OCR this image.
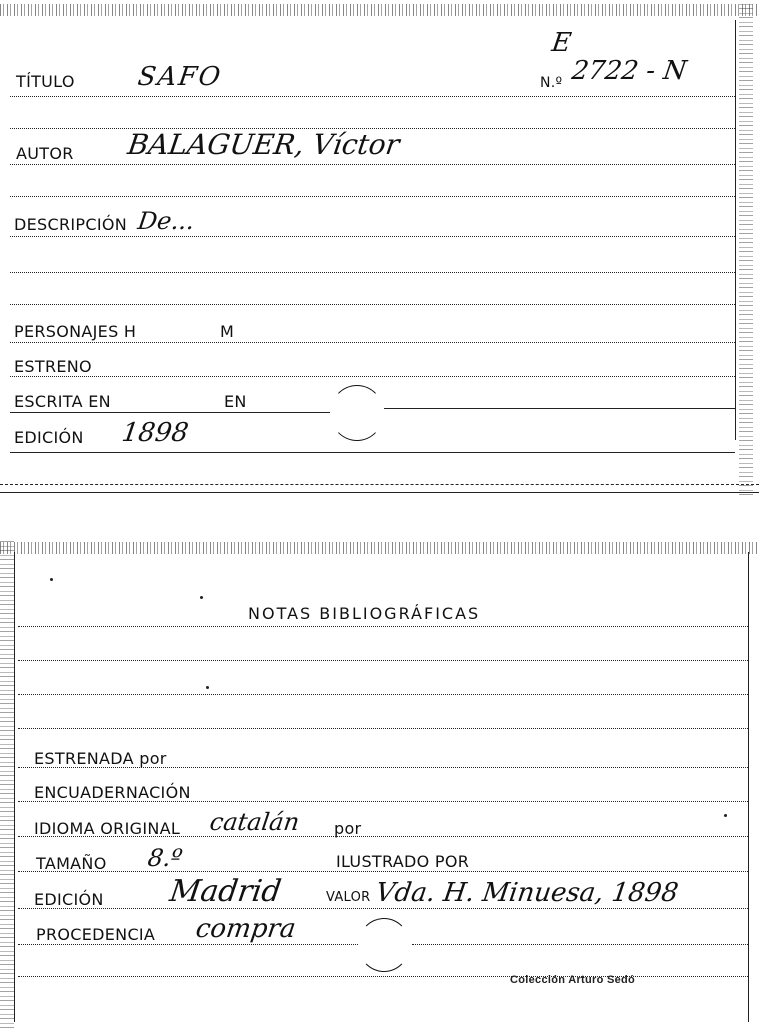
TÍTULO SAFO
E
N.º 2722 - N
AUTOR BALAGUER, Víctor
DESCRIPCIÓN De...
PERSONAJES H	M
ESTRENO
ESCRITA EN	EN
EDICIÓN 1898
NOTAS BIBLIOGRÁFICAS
ESTRENADA por
ENCUADERNACIÓN
IDIOMA ORIGINAL catalán por
TAMAÑO 8.º	ILUSTRADO POR
EDICIÓN Madrid	VALOR Vda. H. Minuesa, 1898
PROCEDENCIA compra
Colección Arturo Sedó
